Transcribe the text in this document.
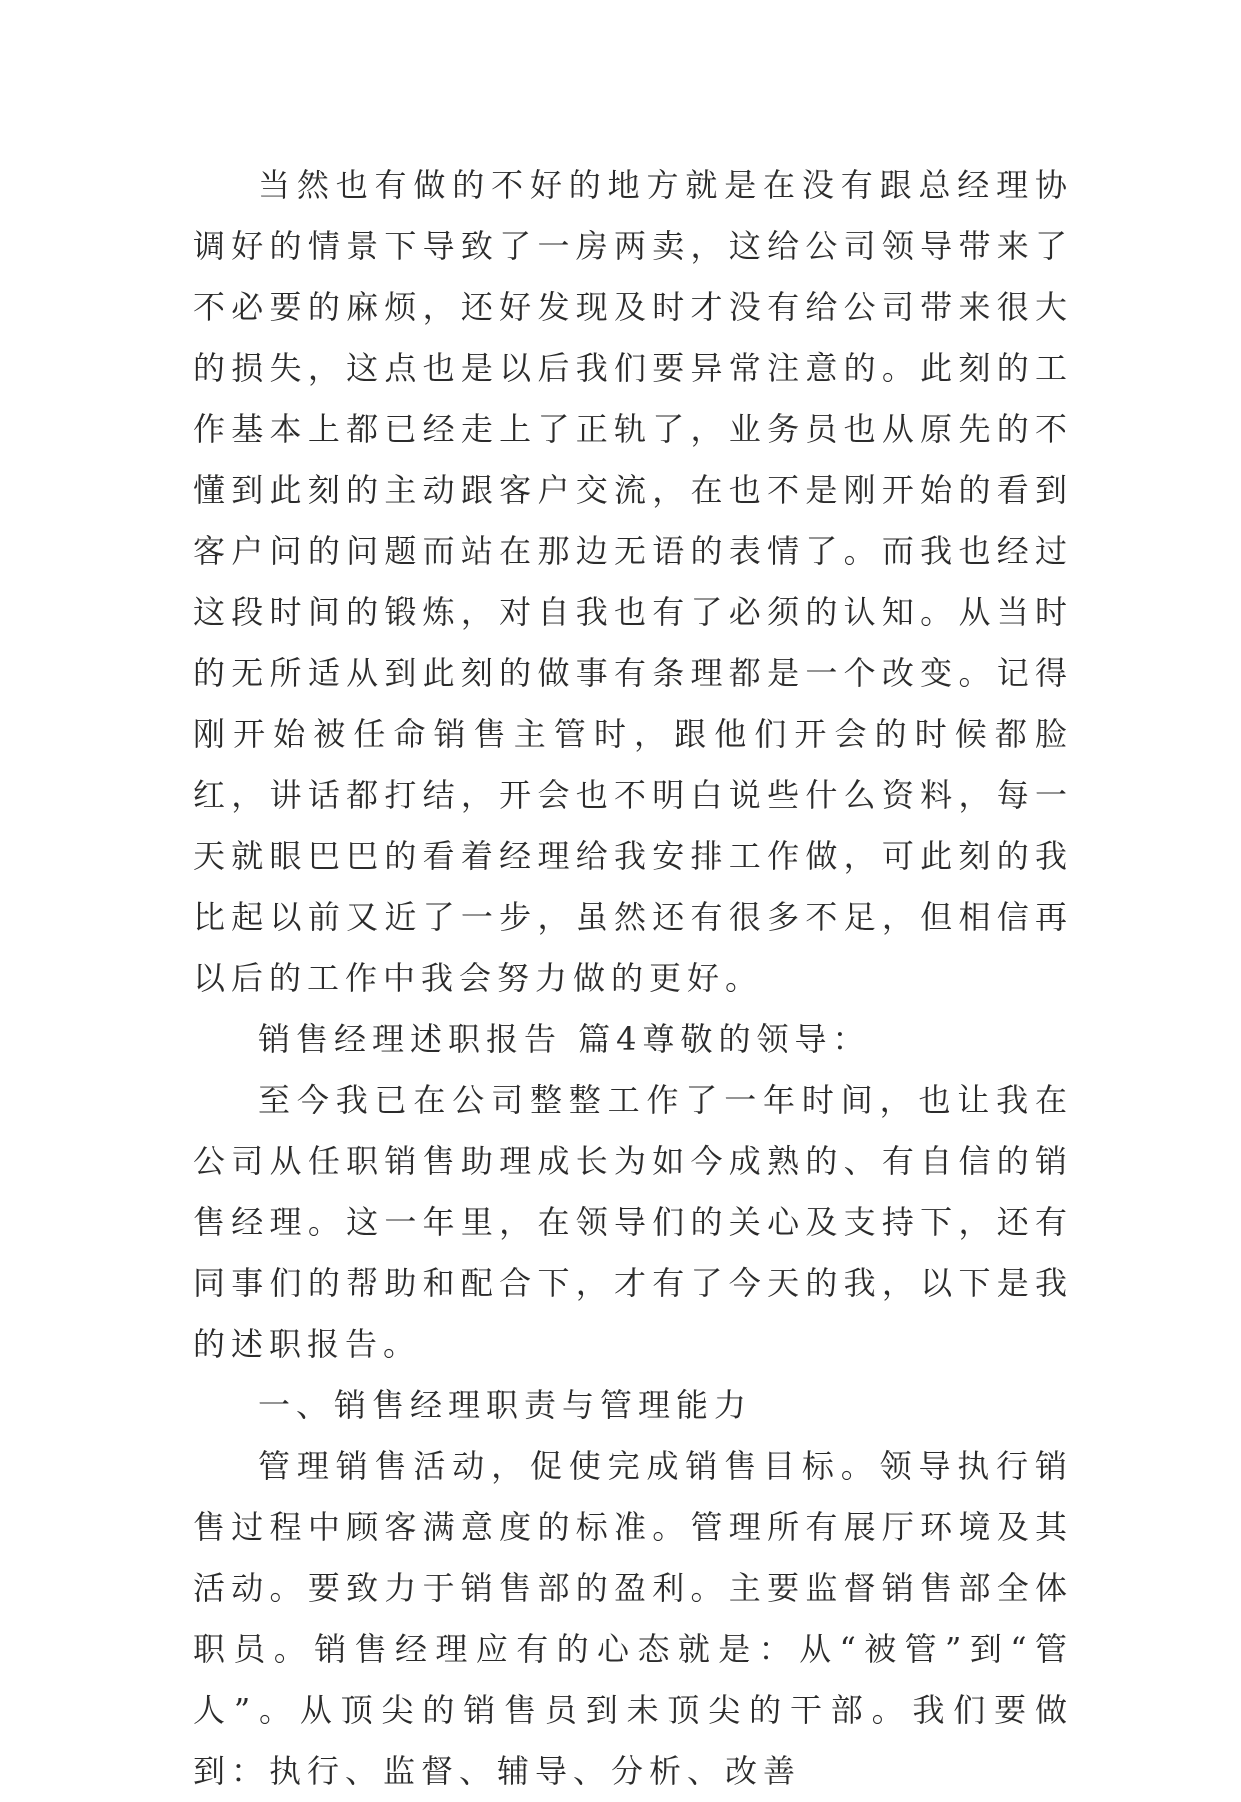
当然也有做的不好的地方就是在没有跟总经理协调好的情景下导致了一房两卖，这给公司领导带来了不必要的麻烦，还好发现及时才没有给公司带来很大的损失，这点也是以后我们要异常注意的。此刻的工作基本上都已经走上了正轨了，业务员也从原先的不懂到此刻的主动跟客户交流，在也不是刚开始的看到客户问的问题而站在那边无语的表情了。而我也经过这段时间的锻炼，对自我也有了必须的认知。从当时的无所适从到此刻的做事有条理都是一个改变。记得刚开始被任命销售主管时，跟他们开会的时候都脸红，讲话都打结，开会也不明白说些什么资料，每一天就眼巴巴的看着经理给我安排工作做，可此刻的我比起以前又近了一步，虽然还有很多不足，但相信再以后的工作中我会努力做的更好。

销售经理述职报告 篇4尊敬的领导：

至今我已在公司整整工作了一年时间，也让我在公司从任职销售助理成长为如今成熟的、有自信的销售经理。这一年里，在领导们的关心及支持下，还有同事们的帮助和配合下，才有了今天的我，以下是我的述职报告。

一、销售经理职责与管理能力

管理销售活动，促使完成销售目标。领导执行销售过程中顾客满意度的标准。管理所有展厅环境及其活动。要致力于销售部的盈利。主要监督销售部全体职员。销售经理应有的心态就是：从“被管”到“管人”。从顶尖的销售员到未顶尖的干部。我们要做到：执行、监督、辅导、分析、改善
